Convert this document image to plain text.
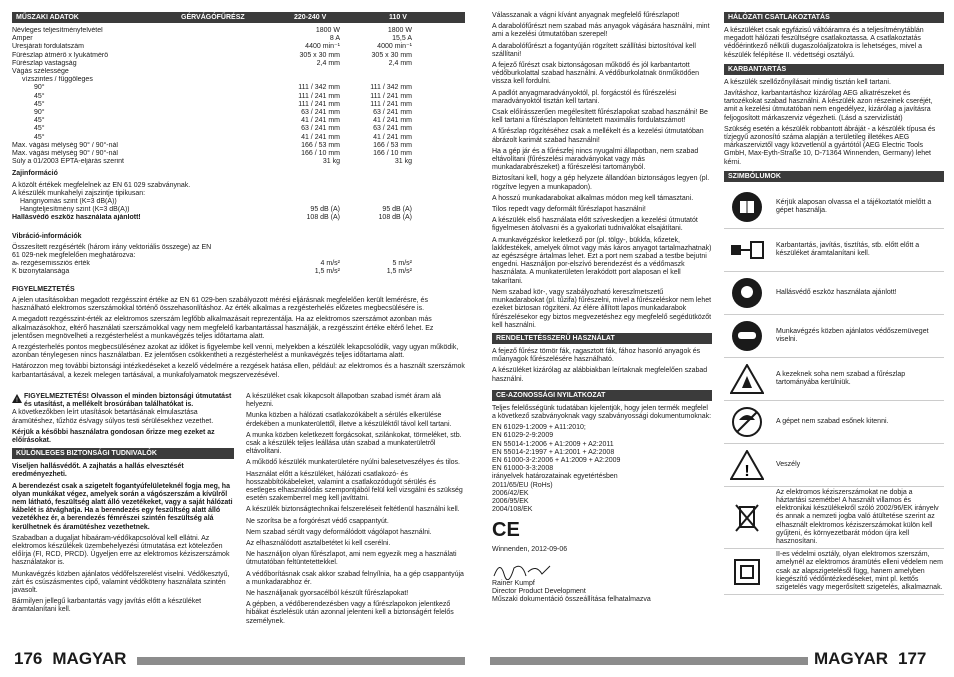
MŰSZAKI ADATOK	GÉRVÁGÓFŰRÉSZ	220-240 V	110 V
Névleges teljesítményfelvétel	1800 W	1800 W
Amper	8 A	15,5 A
Üresjárati fordulatszám	4400 min⁻¹	4000 min⁻¹
Fűrészlap átmérő x lyukátmérő	305 x 30 mm	305 x 30 mm
Fűrészlap vastagság	2,4 mm	2,4 mm
Vágás szélessége
vízszintes / függőleges
90°	111 / 342 mm	111 / 342 mm
45°	111 / 241 mm	111 / 241 mm
45°	111 / 241 mm	111 / 241 mm
90°	63 / 241 mm	63 / 241 mm
45°	41 / 241 mm	41 / 241 mm
45°	63 / 241 mm	63 / 241 mm
45°	41 / 241 mm	41 / 241 mm
Max. vágási mélység 90° / 90°-nál	166 / 53 mm	166 / 53 mm
Max. vágási mélység 90° / 90°-nál	166 / 10 mm	166 / 10 mm
Súly a 01/2003 EPTA-eljárás szerint	31 kg	31 kg

Zajinformáció

A közölt értékek megfelelnek az EN 61 029 szabványnak.
A készülék munkahelyi zajszintje tipikusan:
Hangnyomás szint (K=3 dB(A))
Hangteljesítmény szint (K=3 dB(A))	95 dB (A)	95 dB (A)
Hallásvédő eszköz használata ajánlott!	108 dB (A)	108 dB (A)

Vibráció-információk

Összesített rezgésérték (három irány vektoriális összege) az EN 61 029-nek megfelelően meghatározva:
aₕ rezgésemissziós érték	4 m/s²	5 m/s²
K bizonytalansága	1,5 m/s²	1,5 m/s²

FIGYELMEZTETÉS

A jelen utasításokban megadott rezgésszint értéke az EN 61 029-ben szabályozott mérési eljárásnak megfelelően került lemérésre, és használható elektromos szerszámokkal történő összehasonlításhoz. Az érték alkalmas a rezgésterhelés előzetes megbecsülésére is.

A megadott rezgésszint-érték az elektromos szerszám legfőbb alkalmazásait reprezentálja. Ha az elektromos szerszámot azonban más alkalmazásokhoz, eltérő használati szerszámokkal vagy nem megfelelő karbantartással használják, a rezgésszint értéke eltérő lehet. Ez jelentősen megnövelheti a rezgésterhelést a munkavégzés teljes időtartama alatt.

A rezgésterhelés pontos megbecsülésénez azokat az időket is figyelembe kell venni, melyekben a készülék lekapcsolódik, vagy ugyan működik, azonban ténylegesen nincs használatban. Ez jelentősen csökkentheti a rezgésterhelést a munkavégzés teljes időtartama alatt.

Határozzon meg további biztonsági intézkedéseket a kezelő védelmére a rezgések hatása ellen, például: az elektromos és a használt szerszámok karbantartásával, a kezek melegen tartásával, a munkafolyamatok megszervezésével.

!
FIGYELMEZTETÉS! Olvasson el minden biztonsági útmutatást és utasítást, a mellékelt brosúrában találhatókat is.

A következőkben leírt utasítások betartásának elmulasztása áramütéshez, tűzhöz és/vagy súlyos testi sérülésekhez vezethet.

Kérjük a későbbi használatra gondosan őrizze meg ezeket az előírásokat.

KÜLÖNLEGES BIZTONSÁGI TUDNIVALÓK

Viseljen hallásvédőt. A zajhatás a hallás elvesztését eredményezheti.

A berendezést csak a szigetelt fogantyúfelületeknél fogja meg, ha olyan munkákat végez, amelyek során a vágószerszám a kívülről nem látható, feszültség alatt álló vezetékeket, vagy a saját hálózati kábelét is átvághatja. Ha a berendezés egy feszültség alatt álló vezetékhez ér, a berendezés fémrészei szintén feszültség alá kerülhetnek és áramütéshez vezethetnek.

Szabadban a dugaljat hibaáram-védőkapcsolóval kell ellátni. Az elektromos készülékek üzembehelyezési útmutatása ezt kötelezően előírja (FI, RCD, PRCD). Ügyeljen erre az elektromos kéziszerszámok használatakor is.

Munkavégzés közben ajánlatos védőfelszerelést viselni. Védőkesztyű, zárt és csúszásmentes cipő, valamint védőköteny használata szintén javasolt.

Bármilyen jellegű karbantartás vagy javítás előtt a készüléket áramtalanítani kell.

A készüléket csak kikapcsolt állapotban szabad ismét áram alá helyezni.

Munka közben a hálózati csatlakozókábelt a sérülés elkerülése érdekében a munkaterülettől, illetve a készüléktől távol kell tartani.

A munka közben keletkezett forgácsokat, szilánkokat, törmeléket, stb. csak a készülék teljes leállása után szabad a munkaterületről eltávolítani.

A működő készülék munkaterületére nyúlni balesetveszélyes és tilos.

Használat előtt a készüléket, hálózati csatlakozó- és hosszabbítókábeleket, valamint a csatlakozódugót sérülés és esetleges elhasználódás szempontjából felül kell vizsgálni és szükség esetén szakemberrel meg kell javíttatni.

A készülék biztonságtechnikai felszereléseit feltétlenül használni kell.

Ne szorítsa be a forgórészt védő csappantyút.

Nem szabad sérült vagy deformálódott vágólapot használni.

Az elhasználódott asztalbetétet ki kell cserélni.

Ne használjon olyan fűrészlapot, ami nem egyezik meg a használati útmutatóban feltüntetettekkel.

A védőborításnak csak akkor szabad felnyílnia, ha a gép csappantyúja a munkadarabhoz ér.

Ne használjanak gyorsacélból készült fűrészlapokat!

A gépben, a védőberendezésben vagy a fűrészlapokon jelentkező hibákat észlelésük után azonnal jelenteni kell a biztonságért felelős személynek.

Válasszanak a vágni kívánt anyagnak megfelelő fűrészlapot!

A darabolófűrészt nem szabad más anyagok vágására használni, mint ami a kezelési útmutatóban szerepel!

A darabolófűrészt a fogantyúján rögzített szállítási biztosítóval kell szállítani!

A fejező fűrészt csak biztonságosan működő és jól karbantartott védőburkolattal szabad használni. A védőburkolatnak önműködően vissza kell fordulni.

A padlót anyagmaradványoktól, pl. forgácstól és fűrészelési maradványoktól tisztán kell tartani.

Csak előírásszerűen megélesített fűrészlapokat szabad használni! Be kell tartani a fűrészlapon feltüntetett maximális fordulatszámot!

A fűrészlap rögzítéséhez csak a mellékelt és a kezelési útmutatóban ábrázolt karimát szabad használni!

Ha a gép jár és a fűrészfej nincs nyugalmi állapotban, nem szabad eltávolítani (fűrészelési maradványokat vagy más munkadarabrészeket) a fűrészelési tartományból.

Biztosítani kell, hogy a gép helyzete állandóan biztonságos legyen (pl. rögzítve legyen a munkapadon).

A hosszú munkadarabokat alkalmas módon meg kell támasztani.

Tilos repedt vagy deformált fűrészlapot használni!

A készülék első használata előtt szíveskedjen a kezelési útmutatót figyelmesen átolvasni és a gyakorlati tudnivalókat elsajátítani.

A munkavégzéskor keletkező por (pl. tölgy-, bükkfa, kőzetek, lakkfestékek, amelyek ólmot vagy más káros anyagot tartalmazhatnak) az egészségre ártalmas lehet. Ezt a port nem szabad a testbe bejutni engedni. Használjon por-elszívó berendezést és a védőmaszk használata. A munkaterületen lerakódott port alaposan el kell takarítani.

Nem szabad kör-, vagy szabályozható kereszlmetszetű munkadarabokat (pl. tűzifa) fűrészelni, mivel a fűrészeléskor nem lehet ezeket biztosan rögzíteni. Az élére állított lapos munkadarabok fűrészelésekor egy biztos megvezetéshez egy megfelelő segédütközőt kell használni.

RENDELTETÉSSZERŰ HASZNÁLAT

A fejező fűrész tömör fák, ragasztott fák, fához hasonló anyagok és műanyagok fűrészelésére használható.

A készüléket kizárólag az alábbiakban leírtaknak megfelelően szabad használni.

CE-AZONOSSÁGI NYILATKOZAT

Teljes felelősségünk tudatában kijelentjük, hogy jelen termék megfelel a következő szabványoknak vagy szabványossági dokumentumoknak:

EN 61029-1:2009 + A11:2010;
EN 61029-2-9:2009
EN 55014-1:2006 + A1:2009 + A2:2011
EN 55014-2:1997 + A1:2001 + A2:2008
EN 61000-3-2:2006 + A1:2009 + A2:2009
EN 61000-3-3:2008
irányelvek határozatainak egyetértésben
2011/65/EU (RoHs)
2006/42/EK
2006/95/EK
2004/108/EK
CE

Winnenden, 2012-09-06

Rainer Kumpf
Director Product Development
Műszaki dokumentáció összeállítása felhatalmazva
HÁLÓZATI CSATLAKOZTATÁS

A készüléket csak egyfázisú váltóáramra és a teljesítménytáblán megadott hálózati feszültségre csatlakoztassa. A csatlakoztatás védőérintkező nélküli dugaszolóaljzatokra is lehetséges, mivel a készülék felépítése II. védettségi osztályú.

KARBANTARTÁS

A készülék szellőzőnyílásait mindig tisztán kell tartani.

Javításhoz, karbantartáshoz kizárólag AEG alkatrészeket és tartozékokat szabad használni. A készülék azon részeinek cseréjét, amit a kezelési útmutatóban nem engedélyez, kizárólag a javításra feljogosított márkaszerviz végezheti. (Lásd a szervizlistát)

Szükség esetén a készülék robbantott ábráját - a készülék típusa és tízjegyű azonosító száma alapján a területileg illetékes AEG márkaszerviztől vagy közvetlenül a gyártótól (AEG Electric Tools GmbH, Max-Eyth-Straße 10, D-71364 Winnenden, Germany) lehet kérni.

SZIMBÓLUMOK
Kérjük alaposan olvassa el a tájékoztatót mielőtt a gépet használja.
Karbantartás, javítás, tisztítás, stb. előtt előtt a készüléket áramtalanítani kell.
Hallásvédő eszköz használata ajánlott!
Munkavégzés közben ajánlatos védőszemüveget viselni.
A kezeknek soha nem szabad a fűrészlap tartományába kerülniük.
A gépet nem szabad esőnek kitenni.
!	Veszély
Az elektromos kéziszerszámokat ne dobja a háztartási szemétbe! A használt villamos és elektronikai készülékekről szóló 2002/96/EK irányelv és annak a nemzeti jogba való átültetése szerint az elhasznált elektromos kéziszerszámokat külön kell gyűjteni, és környezetbarát módon újra kell hasznosítani.
II-es védelmi osztály, olyan elektromos szerszám, amelynél az elektromos áramütés elleni védelem nem csak az alapszigetelésől függ, hanem amelyben kiegészítő védőintézkedéseket, mint pl. kettős szigetelés vagy megerősített szigetelés, alkalmaznak.
176 MAGYAR	MAGYAR 177
